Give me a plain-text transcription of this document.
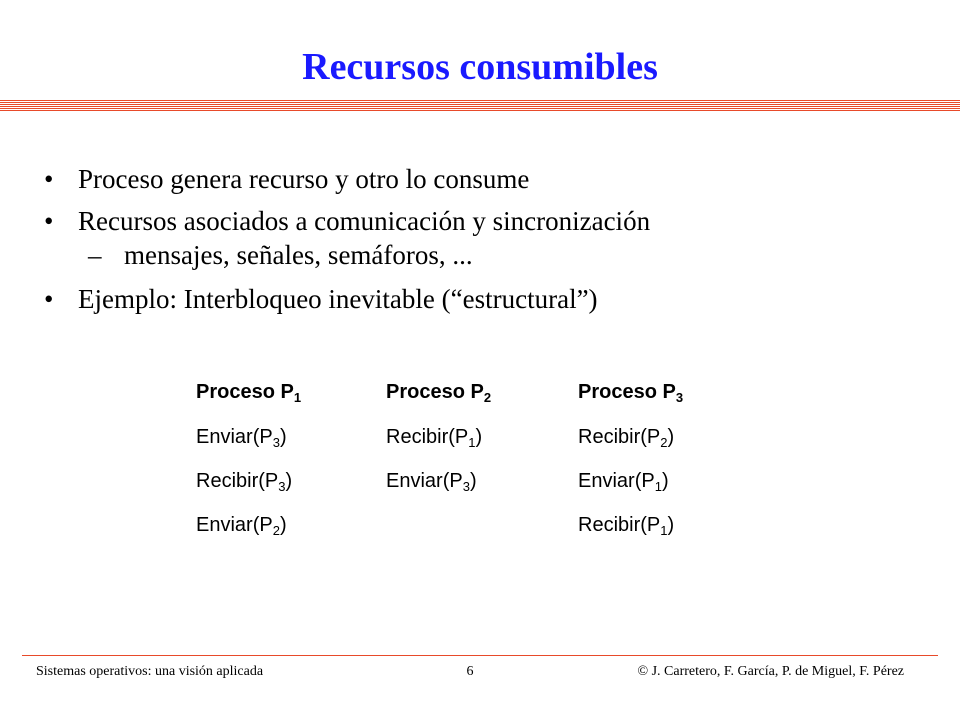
Recursos consumibles
• Proceso genera recurso y otro lo consume
• Recursos asociados a comunicación y sincronización
– mensajes, señales, semáforos, ...
• Ejemplo: Interbloqueo inevitable (“estructural”)
Proceso $P_1$
$Enviar(P_3)$
$Recibir(P_3)$
$Enviar(P_2)$
Proceso $P_2$
$Recibir(P_1)$
$Enviar(P_3)$
Proceso $P_3$
$Recibir(P_2)$
$Enviar(P_1)$
$Recibir(P_1)$
Sistemas operativos: una visión aplicada	6	© J. Carretero, F. García, P. de Miguel, F. Pérez
